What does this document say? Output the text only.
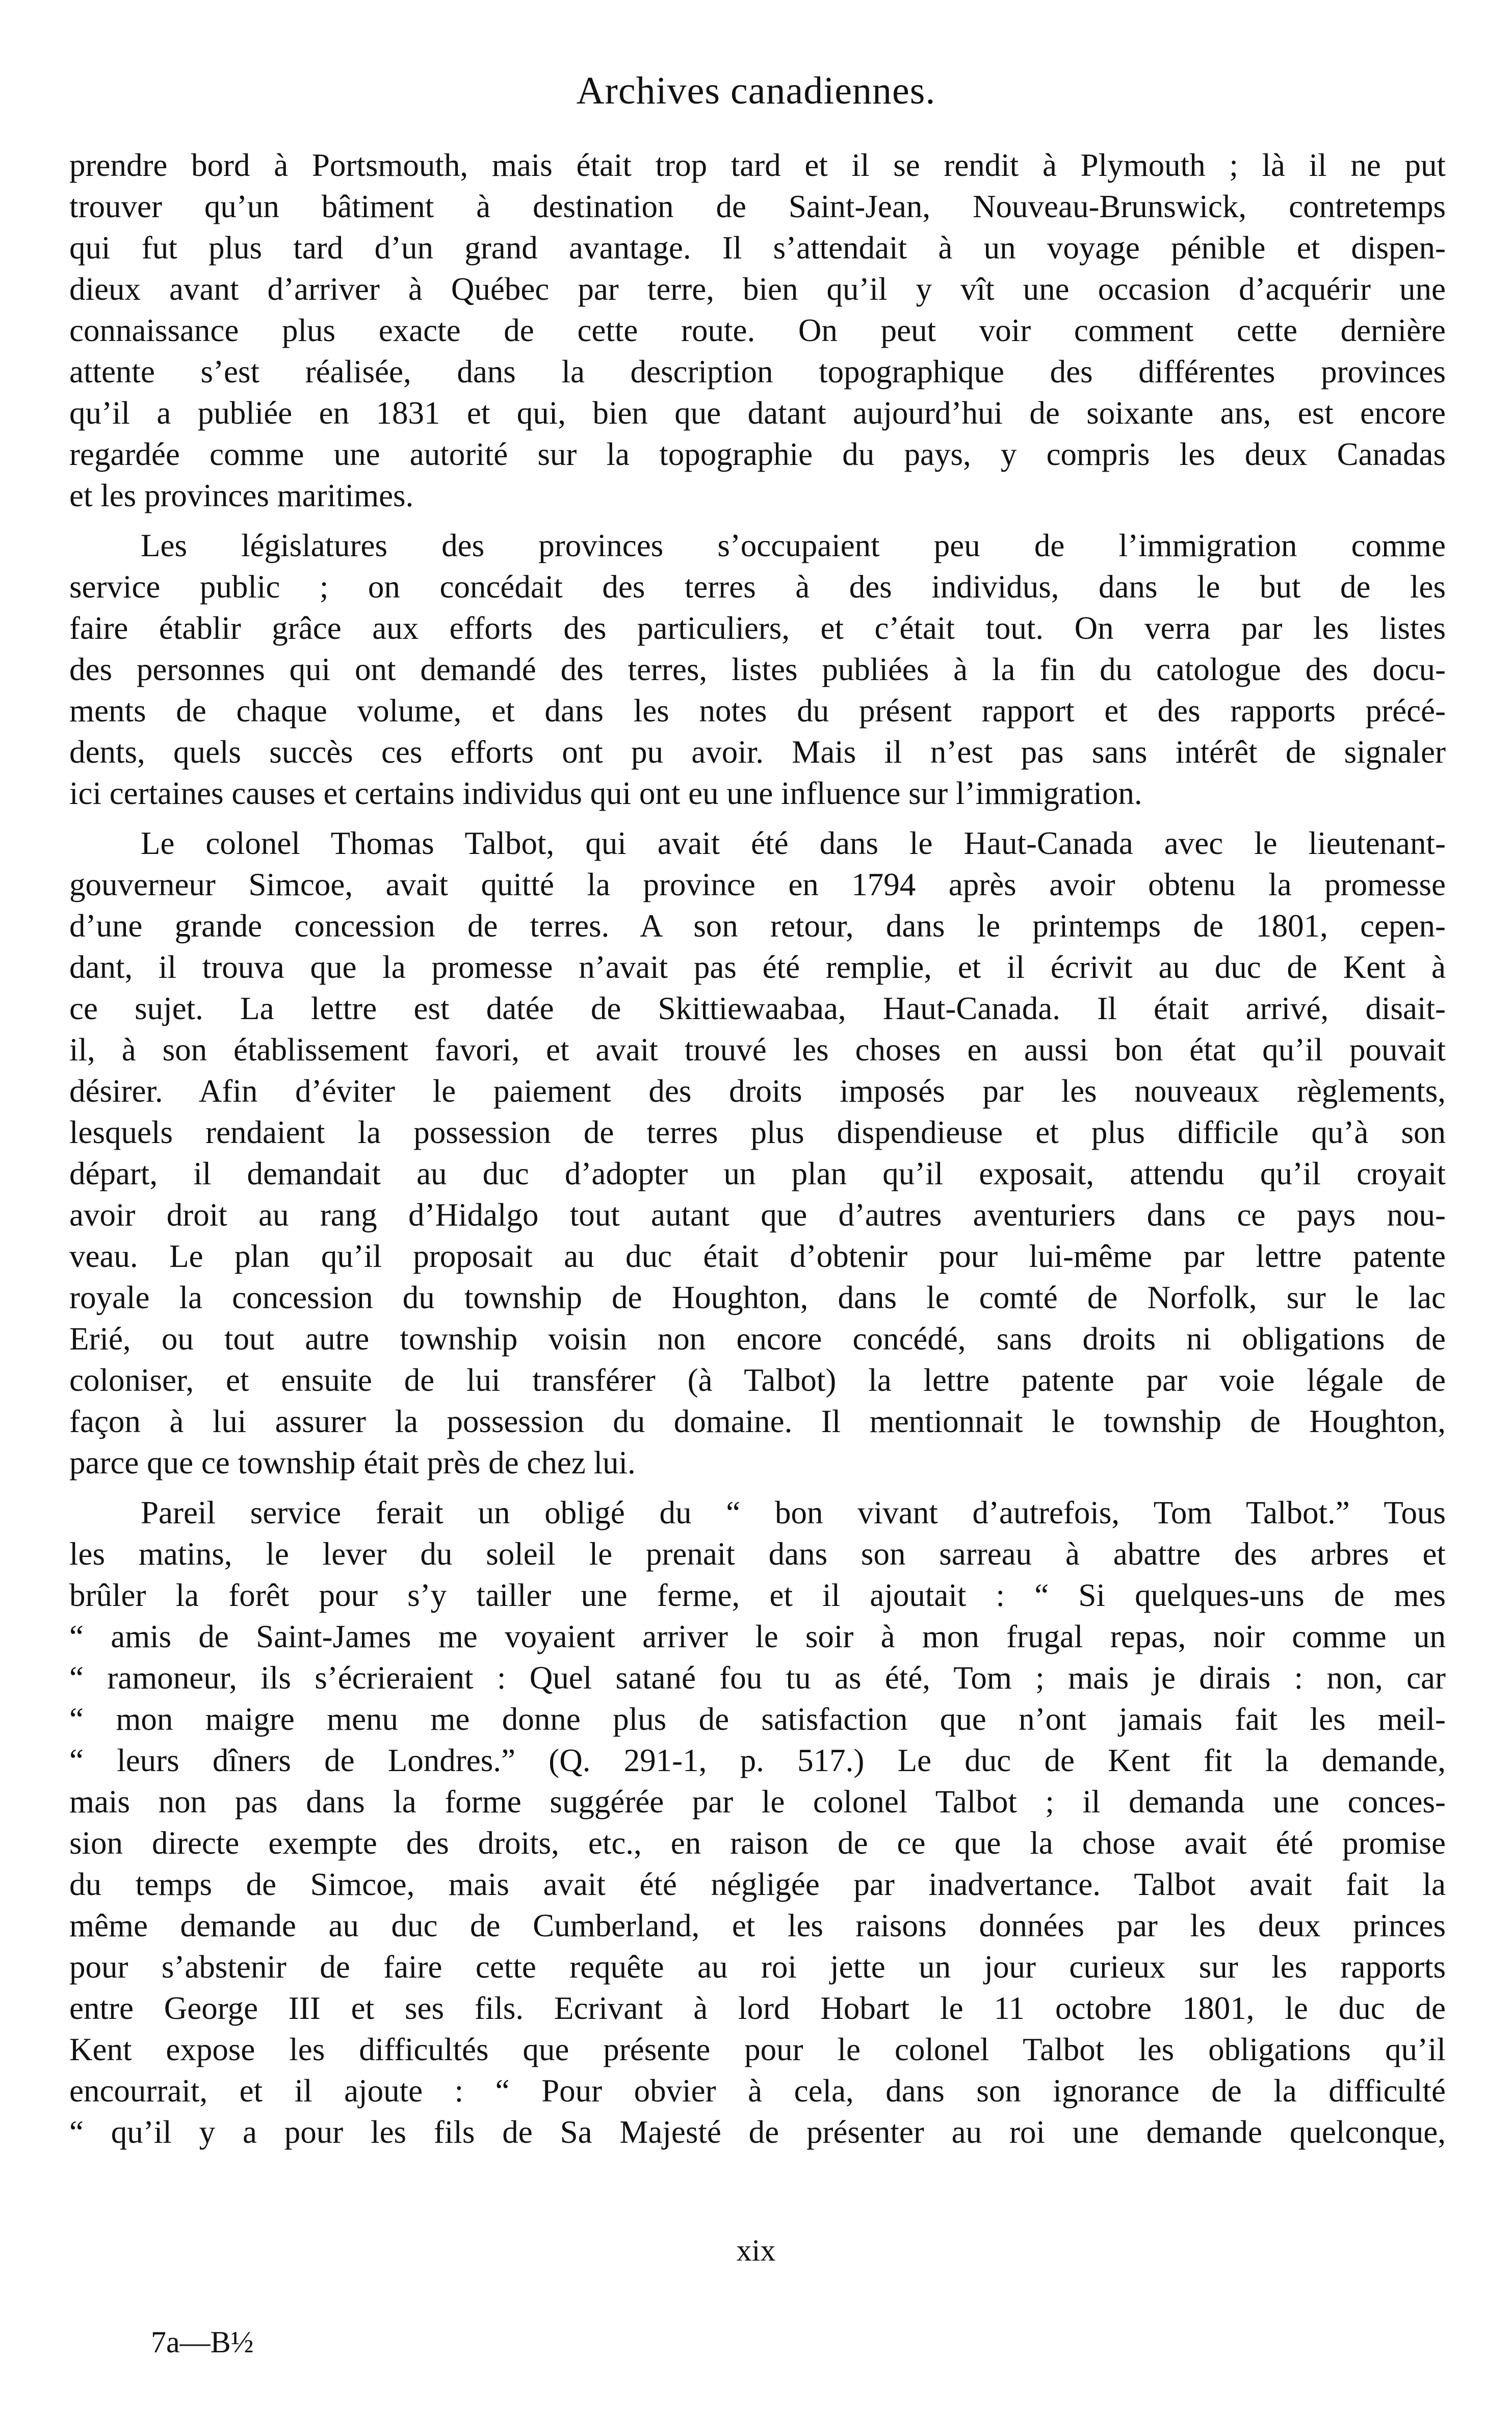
Archives canadiennes.
prendre bord à Portsmouth, mais était trop tard et il se rendit à Plymouth ; là il ne put
trouver qu’un bâtiment à destination de Saint-Jean, Nouveau-Brunswick, contretemps
qui fut plus tard d’un grand avantage. Il s’attendait à un voyage pénible et dispen-
dieux avant d’arriver à Québec par terre, bien qu’il y vît une occasion d’acquérir une
connaissance plus exacte de cette route. On peut voir comment cette dernière
attente s’est réalisée, dans la description topographique des différentes provinces
qu’il a publiée en 1831 et qui, bien que datant aujourd’hui de soixante ans, est encore
regardée comme une autorité sur la topographie du pays, y compris les deux Canadas
et les provinces maritimes.
Les législatures des provinces s’occupaient peu de l’immigration comme
service public ; on concédait des terres à des individus, dans le but de les
faire établir grâce aux efforts des particuliers, et c’était tout. On verra par les listes
des personnes qui ont demandé des terres, listes publiées à la fin du catologue des docu-
ments de chaque volume, et dans les notes du présent rapport et des rapports précé-
dents, quels succès ces efforts ont pu avoir. Mais il n’est pas sans intérêt de signaler
ici certaines causes et certains individus qui ont eu une influence sur l’immigration.
Le colonel Thomas Talbot, qui avait été dans le Haut-Canada avec le lieutenant-
gouverneur Simcoe, avait quitté la province en 1794 après avoir obtenu la promesse
d’une grande concession de terres. A son retour, dans le printemps de 1801, cepen-
dant, il trouva que la promesse n’avait pas été remplie, et il écrivit au duc de Kent à
ce sujet. La lettre est datée de Skittiewaabaa, Haut-Canada. Il était arrivé, disait-
il, à son établissement favori, et avait trouvé les choses en aussi bon état qu’il pouvait
désirer. Afin d’éviter le paiement des droits imposés par les nouveaux règlements,
lesquels rendaient la possession de terres plus dispendieuse et plus difficile qu’à son
départ, il demandait au duc d’adopter un plan qu’il exposait, attendu qu’il croyait
avoir droit au rang d’Hidalgo tout autant que d’autres aventuriers dans ce pays nou-
veau. Le plan qu’il proposait au duc était d’obtenir pour lui-même par lettre patente
royale la concession du township de Houghton, dans le comté de Norfolk, sur le lac
Erié, ou tout autre township voisin non encore concédé, sans droits ni obligations de
coloniser, et ensuite de lui transférer (à Talbot) la lettre patente par voie légale de
façon à lui assurer la possession du domaine. Il mentionnait le township de Houghton,
parce que ce township était près de chez lui.
Pareil service ferait un obligé du “ bon vivant d’autrefois, Tom Talbot.” Tous
les matins, le lever du soleil le prenait dans son sarreau à abattre des arbres et
brûler la forêt pour s’y tailler une ferme, et il ajoutait : “ Si quelques-uns de mes
“ amis de Saint-James me voyaient arriver le soir à mon frugal repas, noir comme un
“ ramoneur, ils s’écrieraient : Quel satané fou tu as été, Tom ; mais je dirais : non, car
“ mon maigre menu me donne plus de satisfaction que n’ont jamais fait les meil-
“ leurs dîners de Londres.” (Q. 291-1, p. 517.) Le duc de Kent fit la demande,
mais non pas dans la forme suggérée par le colonel Talbot ; il demanda une conces-
sion directe exempte des droits, etc., en raison de ce que la chose avait été promise
du temps de Simcoe, mais avait été négligée par inadvertance. Talbot avait fait la
même demande au duc de Cumberland, et les raisons données par les deux princes
pour s’abstenir de faire cette requête au roi jette un jour curieux sur les rapports
entre George III et ses fils. Ecrivant à lord Hobart le 11 octobre 1801, le duc de
Kent expose les difficultés que présente pour le colonel Talbot les obligations qu’il
encourrait, et il ajoute : “ Pour obvier à cela, dans son ignorance de la difficulté
“ qu’il y a pour les fils de Sa Majesté de présenter au roi une demande quelconque,
xix
7a—B½
